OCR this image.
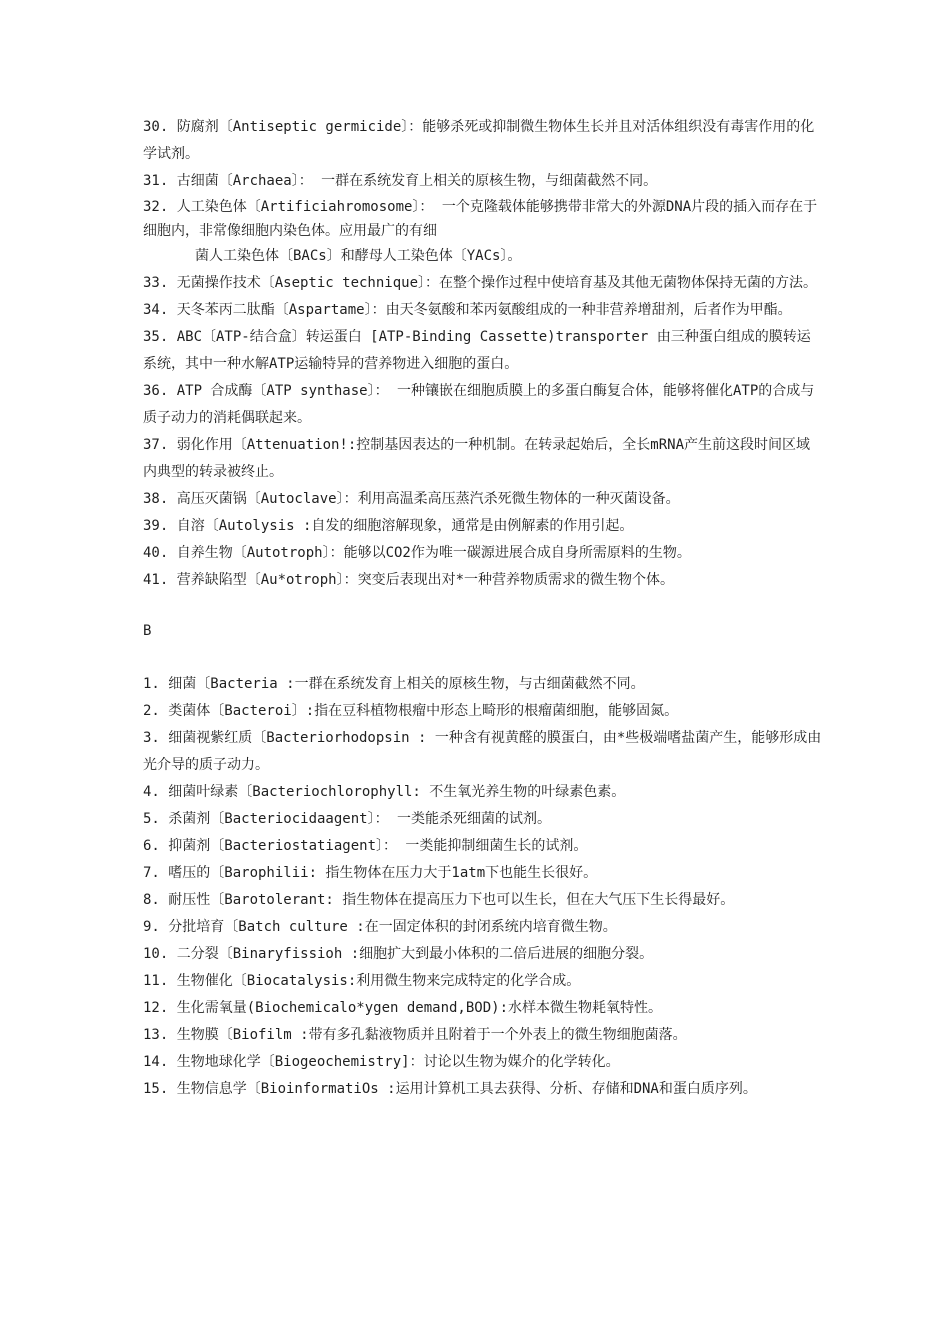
30. 防腐剂〔Antiseptic germicide〕：能够杀死或抑制微生物体生长并且对活体组织没有毒害作用的化学试剂。

31. 古细菌〔Archaea〕： 一群在系统发育上相关的原核生物，与细菌截然不同。

32. 人工染色体〔Artificiahromosome〕： 一个克隆载体能够携带非常大的外源DNA片段的插入而存在于细胞内，非常像细胞内染色体。应用最广的有细

菌人工染色体〔BACs〕和酵母人工染色体〔YACs〕。

33. 无菌操作技术〔Aseptic technique〕：在整个操作过程中使培育基及其他无菌物体保持无菌的方法。

34. 天冬苯丙二肽酯〔Aspartame〕：由天冬氨酸和苯丙氨酸组成的一种非营养增甜剂，后者作为甲酯。

35. ABC〔ATP-结合盒〕转运蛋白 [ATP-Binding Cassette)transporter 由三种蛋白组成的膜转运系统，其中一种水解ATP运输特异的营养物进入细胞的蛋白。

36. ATP 合成酶〔ATP synthase〕： 一种镶嵌在细胞质膜上的多蛋白酶复合体，能够将催化ATP的合成与质子动力的消耗偶联起来。

37. 弱化作用〔Attenuation!:控制基因表达的一种机制。在转录起始后，全长mRNA产生前这段时间区域内典型的转录被终止。

38. 高压灭菌锅〔Autoclave〕：利用高温柔高压蒸汽杀死微生物体的一种灭菌设备。

39. 自溶〔Autolysis :自发的细胞溶解现象，通常是由例解素的作用引起。

40. 自养生物〔Autotroph〕：能够以CO2作为唯一碳源进展合成自身所需原料的生物。

41. 营养缺陷型〔Au*otroph〕：突变后表现出对*一种营养物质需求的微生物个体。

B

1. 细菌〔Bacteria :一群在系统发育上相关的原核生物，与古细菌截然不同。

2. 类菌体〔Bacteroi〕:指在豆科植物根瘤中形态上畸形的根瘤菌细胞，能够固氮。

3. 细菌视紫红质〔Bacteriorhodopsin : 一种含有视黄醛的膜蛋白，由*些极端嗜盐菌产生，能够形成由光介导的质子动力。

4. 细菌叶绿素〔Bacteriochlorophyll: 不生氧光养生物的叶绿素色素。

5. 杀菌剂〔Bacteriocidaagent〕： 一类能杀死细菌的试剂。

6. 抑菌剂〔Bacteriostatiagent〕： 一类能抑制细菌生长的试剂。

7. 嗜压的〔Barophilii: 指生物体在压力大于1atm下也能生长很好。

8. 耐压性〔Barotolerant: 指生物体在提高压力下也可以生长，但在大气压下生长得最好。

9. 分批培育〔Batch culture :在一固定体积的封闭系统内培育微生物。

10. 二分裂〔Binaryfissioh :细胞扩大到最小体积的二倍后进展的细胞分裂。

11. 生物催化〔Biocatalysis:利用微生物来完成特定的化学合成。

12. 生化需氧量(Biochemicalo*ygen demand,BOD):水样本微生物耗氧特性。

13. 生物膜〔Biofilm :带有多孔黏液物质并且附着于一个外表上的微生物细胞菌落。

14. 生物地球化学〔Biogeochemistry]：讨论以生物为媒介的化学转化。

15. 生物信息学〔BioinformatiOs :运用计算机工具去获得、分析、存储和DNA和蛋白质序列。
